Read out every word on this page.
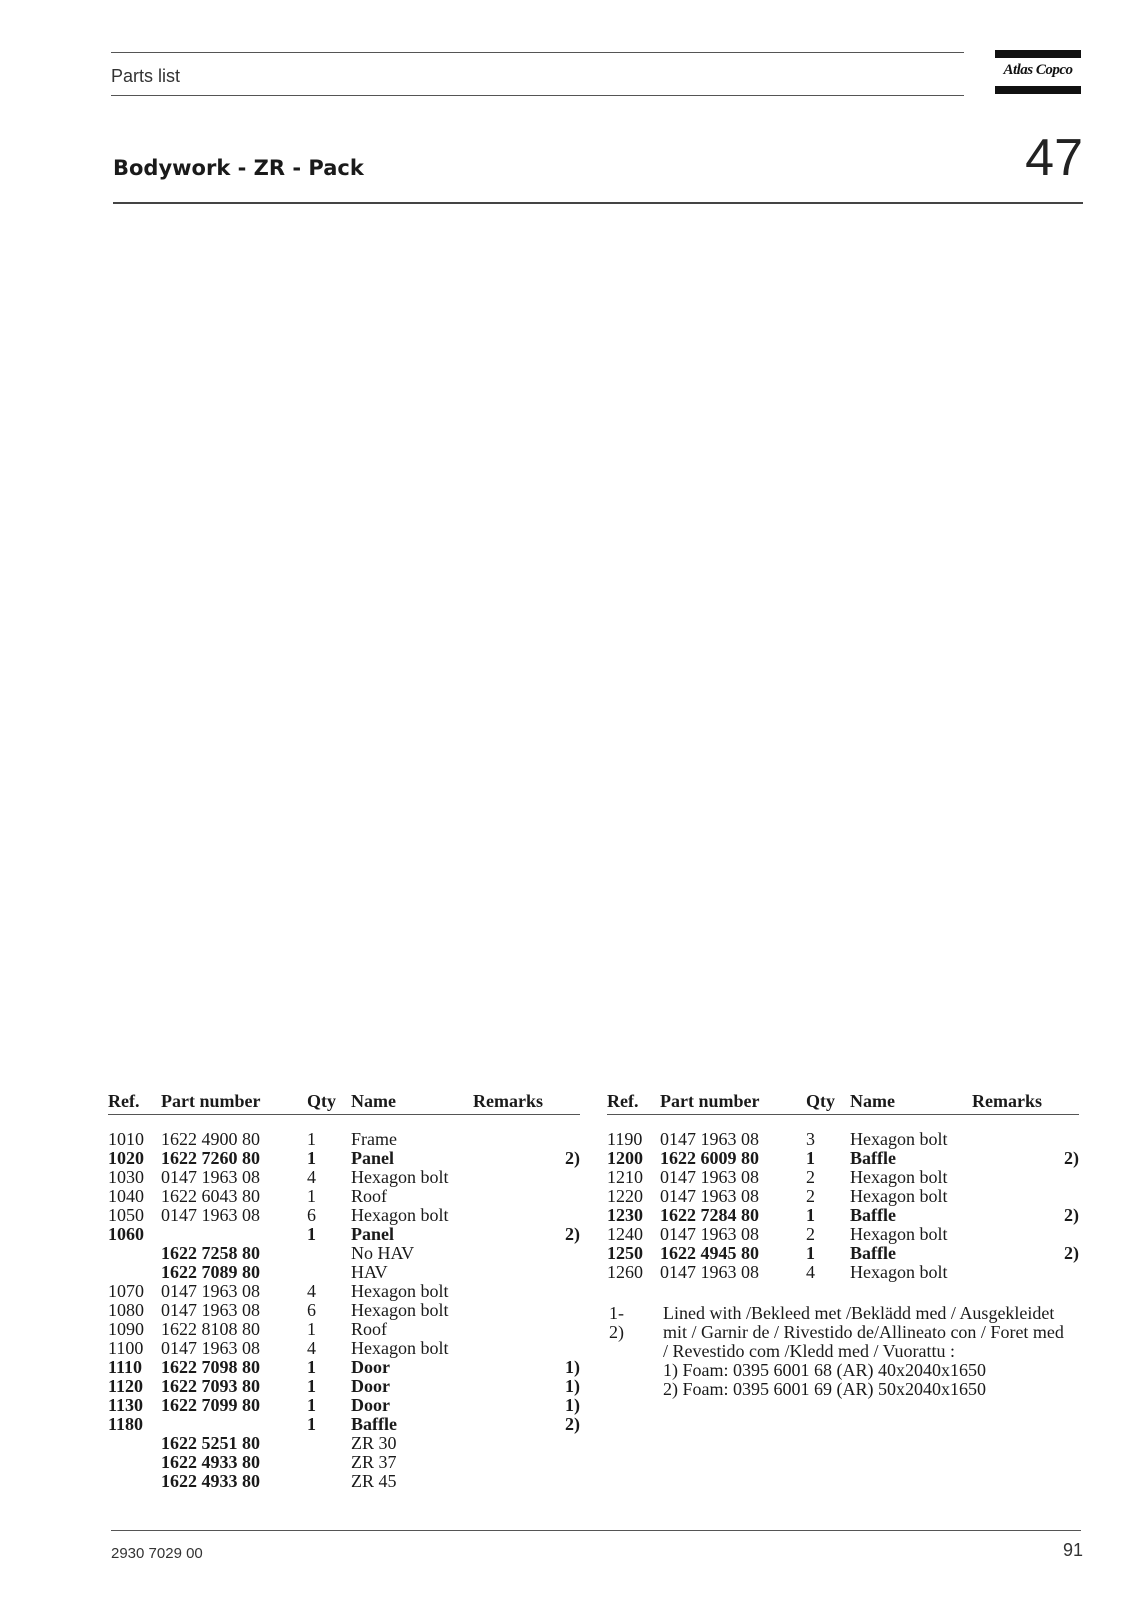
Parts list	Atlas Copco
Bodywork - ZR - Pack	47
Ref. Part number	Qty Name	Remarks
1010 1622 4900 80	1 Frame
1020 1622 7260 80	1 Panel	2)
1030 0147 1963 08	4 Hexagon bolt
1040 1622 6043 80	1 Roof
1050 0147 1963 08	6 Hexagon bolt
1060	1 Panel	2)
1622 7258 80	No HAV
1622 7089 80	HAV
1070 0147 1963 08	4 Hexagon bolt
1080 0147 1963 08	6 Hexagon bolt
1090 1622 8108 80	1 Roof
1100 0147 1963 08	4 Hexagon bolt
1110 1622 7098 80	1 Door	1)
1120 1622 7093 80	1 Door	1)
1130 1622 7099 80	1 Door	1)
1180	1 Baffle	2)
1622 5251 80	ZR 30
1622 4933 80	ZR 37
1622 4933 80	ZR 45
Ref. Part number	Qty Name	Remarks
1190 0147 1963 08	3 Hexagon bolt
1200 1622 6009 80	1 Baffle	2)
1210 0147 1963 08	2 Hexagon bolt
1220 0147 1963 08	2 Hexagon bolt
1230 1622 7284 80	1 Baffle	2)
1240 0147 1963 08	2 Hexagon bolt
1250 1622 4945 80	1 Baffle	2)
1260 0147 1963 08	4 Hexagon bolt
1-2)
Lined with /Bekleed met /Beklädd med / Ausgekleidet
mit / Garnir de / Rivestido de/Allineato con / Foret med
/ Revestido com /Kledd med / Vuorattu :
1) Foam: 0395 6001 68 (AR) 40x2040x1650
2) Foam: 0395 6001 69 (AR) 50x2040x1650
2930 7029 00	91
